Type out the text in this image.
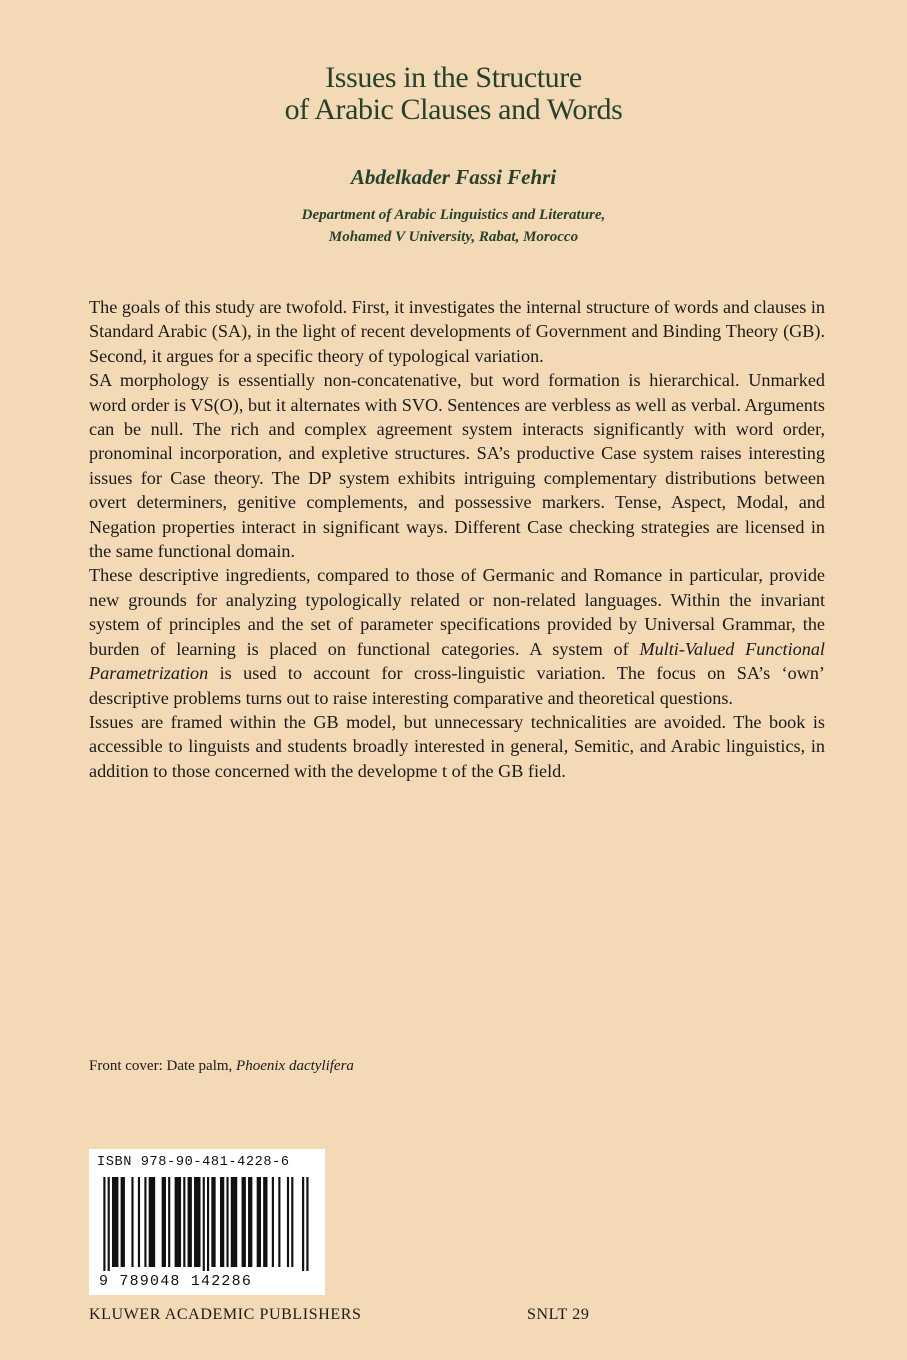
Issues in the Structure
of Arabic Clauses and Words
Abdelkader Fassi Fehri
Department of Arabic Linguistics and Literature,
Mohamed V University, Rabat, Morocco

The goals of this study are twofold. First, it investigates the internal structure of words and clauses in Standard Arabic (SA), in the light of recent developments of Government and Binding Theory (GB). Second, it argues for a specific theory of typological variation.

SA morphology is essentially non-concatenative, but word formation is hierarchical. Unmarked word order is VS(O), but it alternates with SVO. Sentences are verbless as well as verbal. Arguments can be null. The rich and complex agreement system interacts significantly with word order, pronominal incorporation, and expletive structures. SA’s productive Case system raises interesting issues for Case theory. The DP system exhibits intriguing complementary distributions between overt determiners, genitive complements, and possessive markers. Tense, Aspect, Modal, and Negation properties interact in significant ways. Different Case checking strategies are licensed in the same functional domain.

These descriptive ingredients, compared to those of Germanic and Romance in particular, provide new grounds for analyzing typologically related or non-related languages. Within the invariant system of principles and the set of parameter specifications provided by Universal Grammar, the burden of learning is placed on functional categories. A system of Multi-Valued Functional Parametrization is used to account for cross-linguistic variation. The focus on SA’s ‘own’ descriptive problems turns out to raise interesting comparative and theoretical questions.

Issues are framed within the GB model, but unnecessary technicalities are avoided. The book is accessible to linguists and students broadly interested in general, Semitic, and Arabic linguistics, in addition to those concerned with the developme t of the GB field.

Front cover: Date palm, Phoenix dactylifera
ISBN 978-90-481-4228-6
9 789048 142286
KLUWER ACADEMIC PUBLISHERS	SNLT 29
